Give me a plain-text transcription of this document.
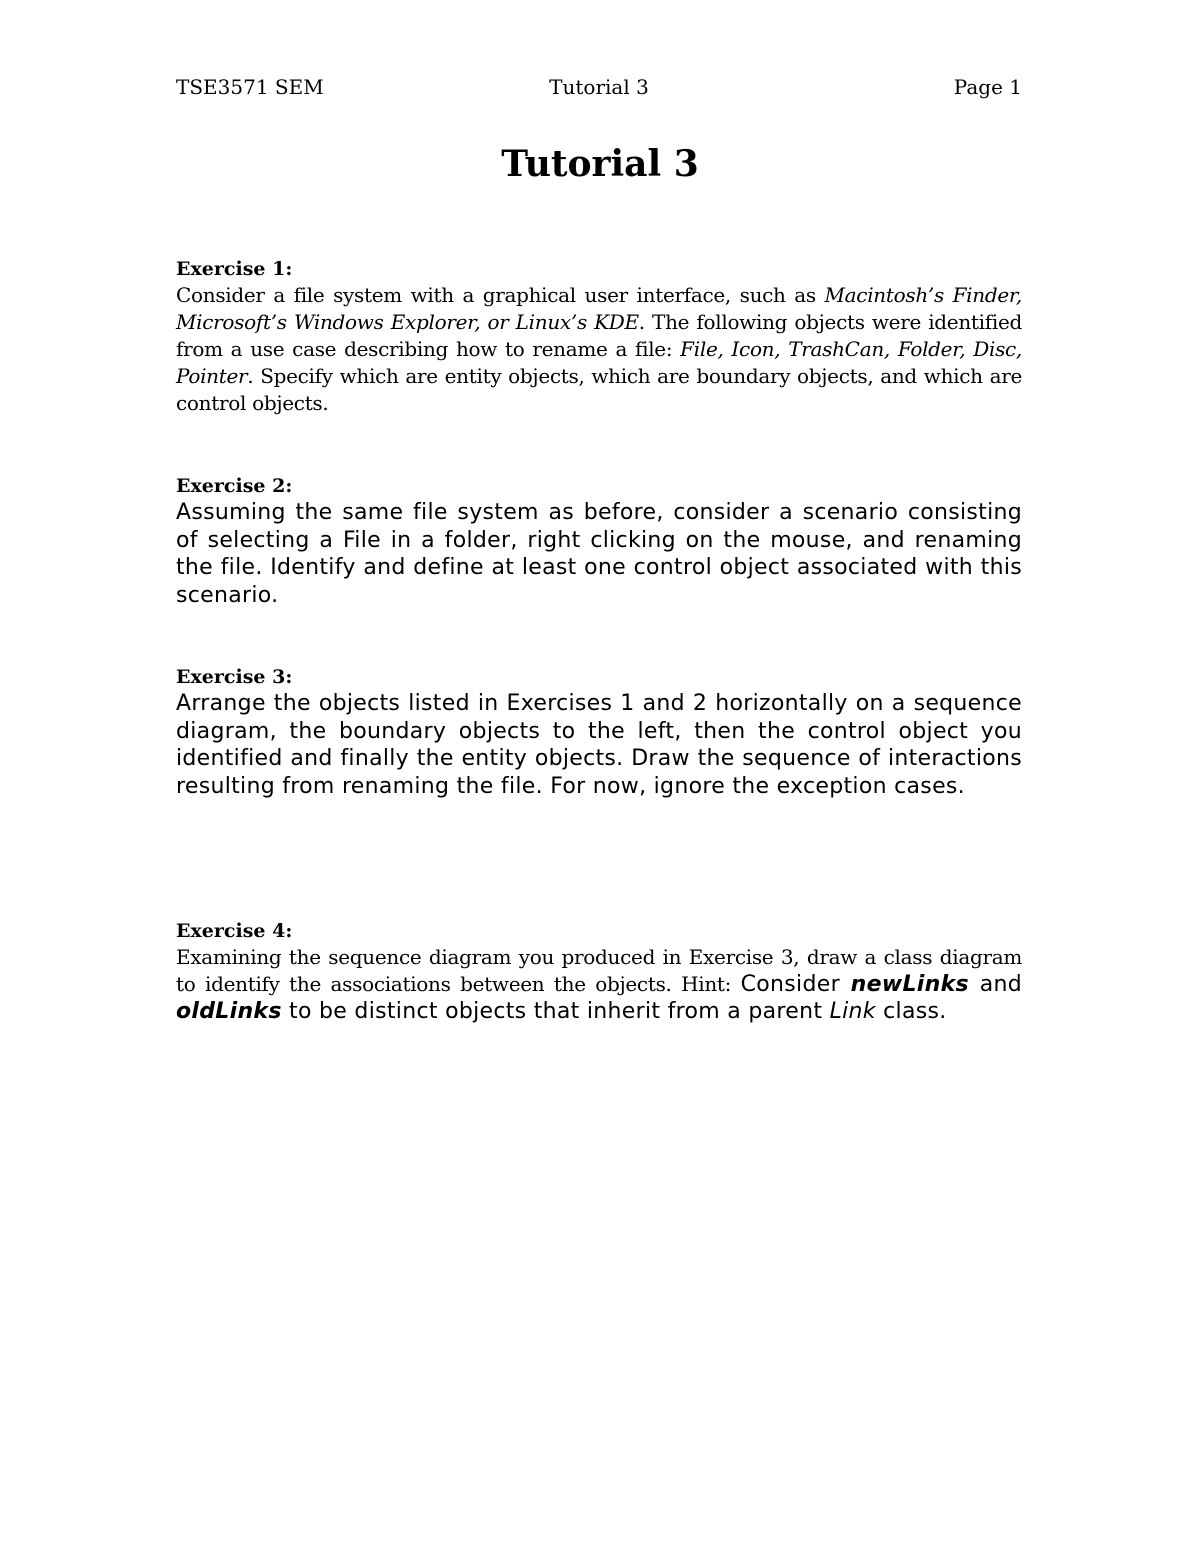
TSE3571 SEM	Tutorial 3	Page 1
Tutorial 3

Exercise 1:

Consider a file system with a graphical user interface, such as Macintosh’s Finder, Microsoft’s Windows Explorer, or Linux’s KDE. The following objects were identified from a use case describing how to rename a file: File, Icon, TrashCan, Folder, Disc, Pointer. Specify which are entity objects, which are boundary objects, and which are control objects.

Exercise 2:

Assuming the same file system as before, consider a scenario consisting of selecting a File in a folder, right clicking on the mouse, and renaming the file. Identify and define at least one control object associated with this scenario.

Exercise 3:

Arrange the objects listed in Exercises 1 and 2 horizontally on a sequence diagram, the boundary objects to the left, then the control object you identified and finally the entity objects. Draw the sequence of interactions resulting from renaming the file. For now, ignore the exception cases.

Exercise 4:

Examining the sequence diagram you produced in Exercise 3, draw a class diagram to identify the associations between the objects. Hint: Consider newLinks and oldLinks to be distinct objects that inherit from a parent Link class.
